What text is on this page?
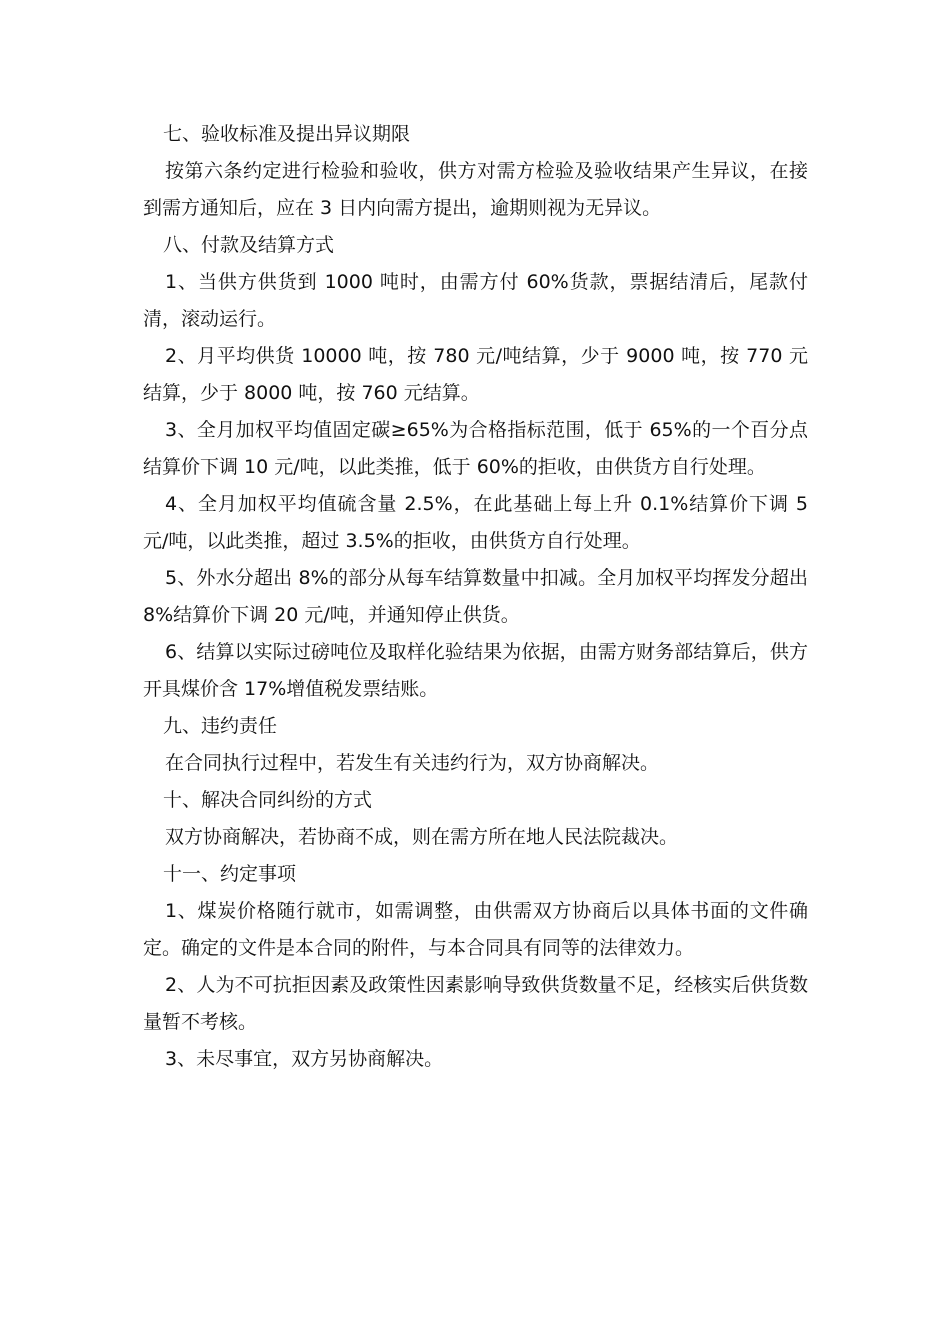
七、验收标准及提出异议期限

按第六条约定进行检验和验收，供方对需方检验及验收结果产生异议，在接到需方通知后，应在 3 日内向需方提出，逾期则视为无异议。

八、付款及结算方式

1、当供方供货到 1000 吨时，由需方付 60%货款，票据结清后，尾款付清，滚动运行。

2、月平均供货 10000 吨，按 780 元/吨结算，少于 9000 吨，按 770 元结算，少于 8000 吨，按 760 元结算。

3、全月加权平均值固定碳≥65%为合格指标范围，低于 65%的一个百分点结算价下调 10 元/吨，以此类推，低于 60%的拒收，由供货方自行处理。

4、全月加权平均值硫含量 2.5%，在此基础上每上升 0.1%结算价下调 5 元/吨，以此类推，超过 3.5%的拒收，由供货方自行处理。

5、外水分超出 8%的部分从每车结算数量中扣减。全月加权平均挥发分超出 8%结算价下调 20 元/吨，并通知停止供货。

6、结算以实际过磅吨位及取样化验结果为依据，由需方财务部结算后，供方开具煤价含 17%增值税发票结账。

九、违约责任

在合同执行过程中，若发生有关违约行为，双方协商解决。

十、解决合同纠纷的方式

双方协商解决，若协商不成，则在需方所在地人民法院裁决。

十一、约定事项

1、煤炭价格随行就市，如需调整，由供需双方协商后以具体书面的文件确定。确定的文件是本合同的附件，与本合同具有同等的法律效力。

2、人为不可抗拒因素及政策性因素影响导致供货数量不足，经核实后供货数量暂不考核。

3、未尽事宜，双方另协商解决。
